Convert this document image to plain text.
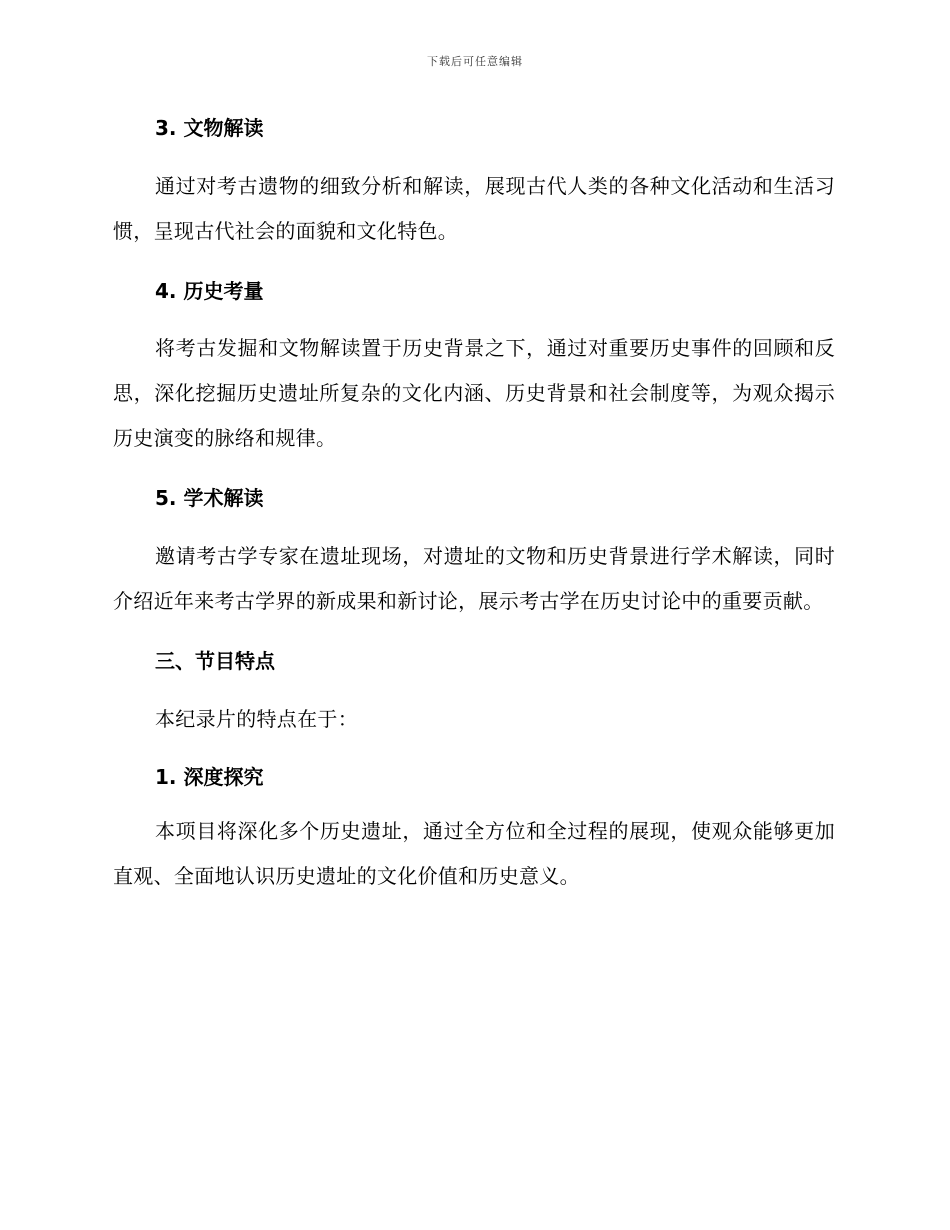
下载后可任意编辑

3. 文物解读

通过对考古遗物的细致分析和解读，展现古代人类的各种文化活动和生活习惯，呈现古代社会的面貌和文化特色。

4. 历史考量

将考古发掘和文物解读置于历史背景之下，通过对重要历史事件的回顾和反思，深化挖掘历史遗址所复杂的文化内涵、历史背景和社会制度等，为观众揭示历史演变的脉络和规律。

5. 学术解读

邀请考古学专家在遗址现场，对遗址的文物和历史背景进行学术解读，同时介绍近年来考古学界的新成果和新讨论，展示考古学在历史讨论中的重要贡献。

三、节目特点

本纪录片的特点在于：

1. 深度探究

本项目将深化多个历史遗址，通过全方位和全过程的展现，使观众能够更加直观、全面地认识历史遗址的文化价值和历史意义。
